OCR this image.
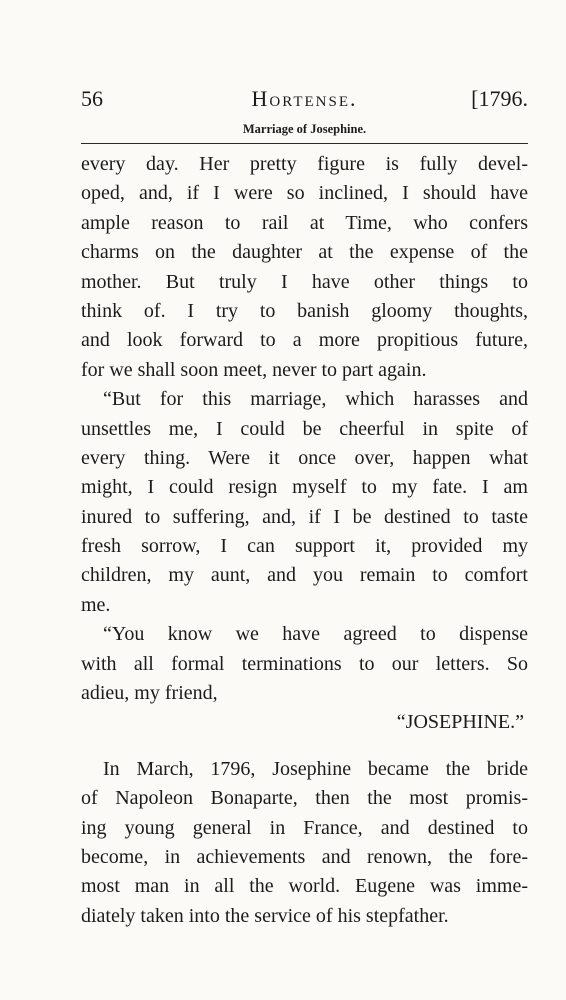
56	Hortense.	[1796.
Marriage of Josephine.
every day. Her pretty figure is fully devel-
oped, and, if I were so inclined, I should have
ample reason to rail at Time, who confers
charms on the daughter at the expense of the
mother. But truly I have other things to
think of. I try to banish gloomy thoughts,
and look forward to a more propitious future,
for we shall soon meet, never to part again.
“But for this marriage, which harasses and
unsettles me, I could be cheerful in spite of
every thing. Were it once over, happen what
might, I could resign myself to my fate. I am
inured to suffering, and, if I be destined to taste
fresh sorrow, I can support it, provided my
children, my aunt, and you remain to comfort
me.
“You know we have agreed to dispense
with all formal terminations to our letters. So
adieu, my friend,
“JOSEPHINE.”
In March, 1796, Josephine became the bride
of Napoleon Bonaparte, then the most promis-
ing young general in France, and destined to
become, in achievements and renown, the fore-
most man in all the world. Eugene was imme-
diately taken into the service of his stepfather.
